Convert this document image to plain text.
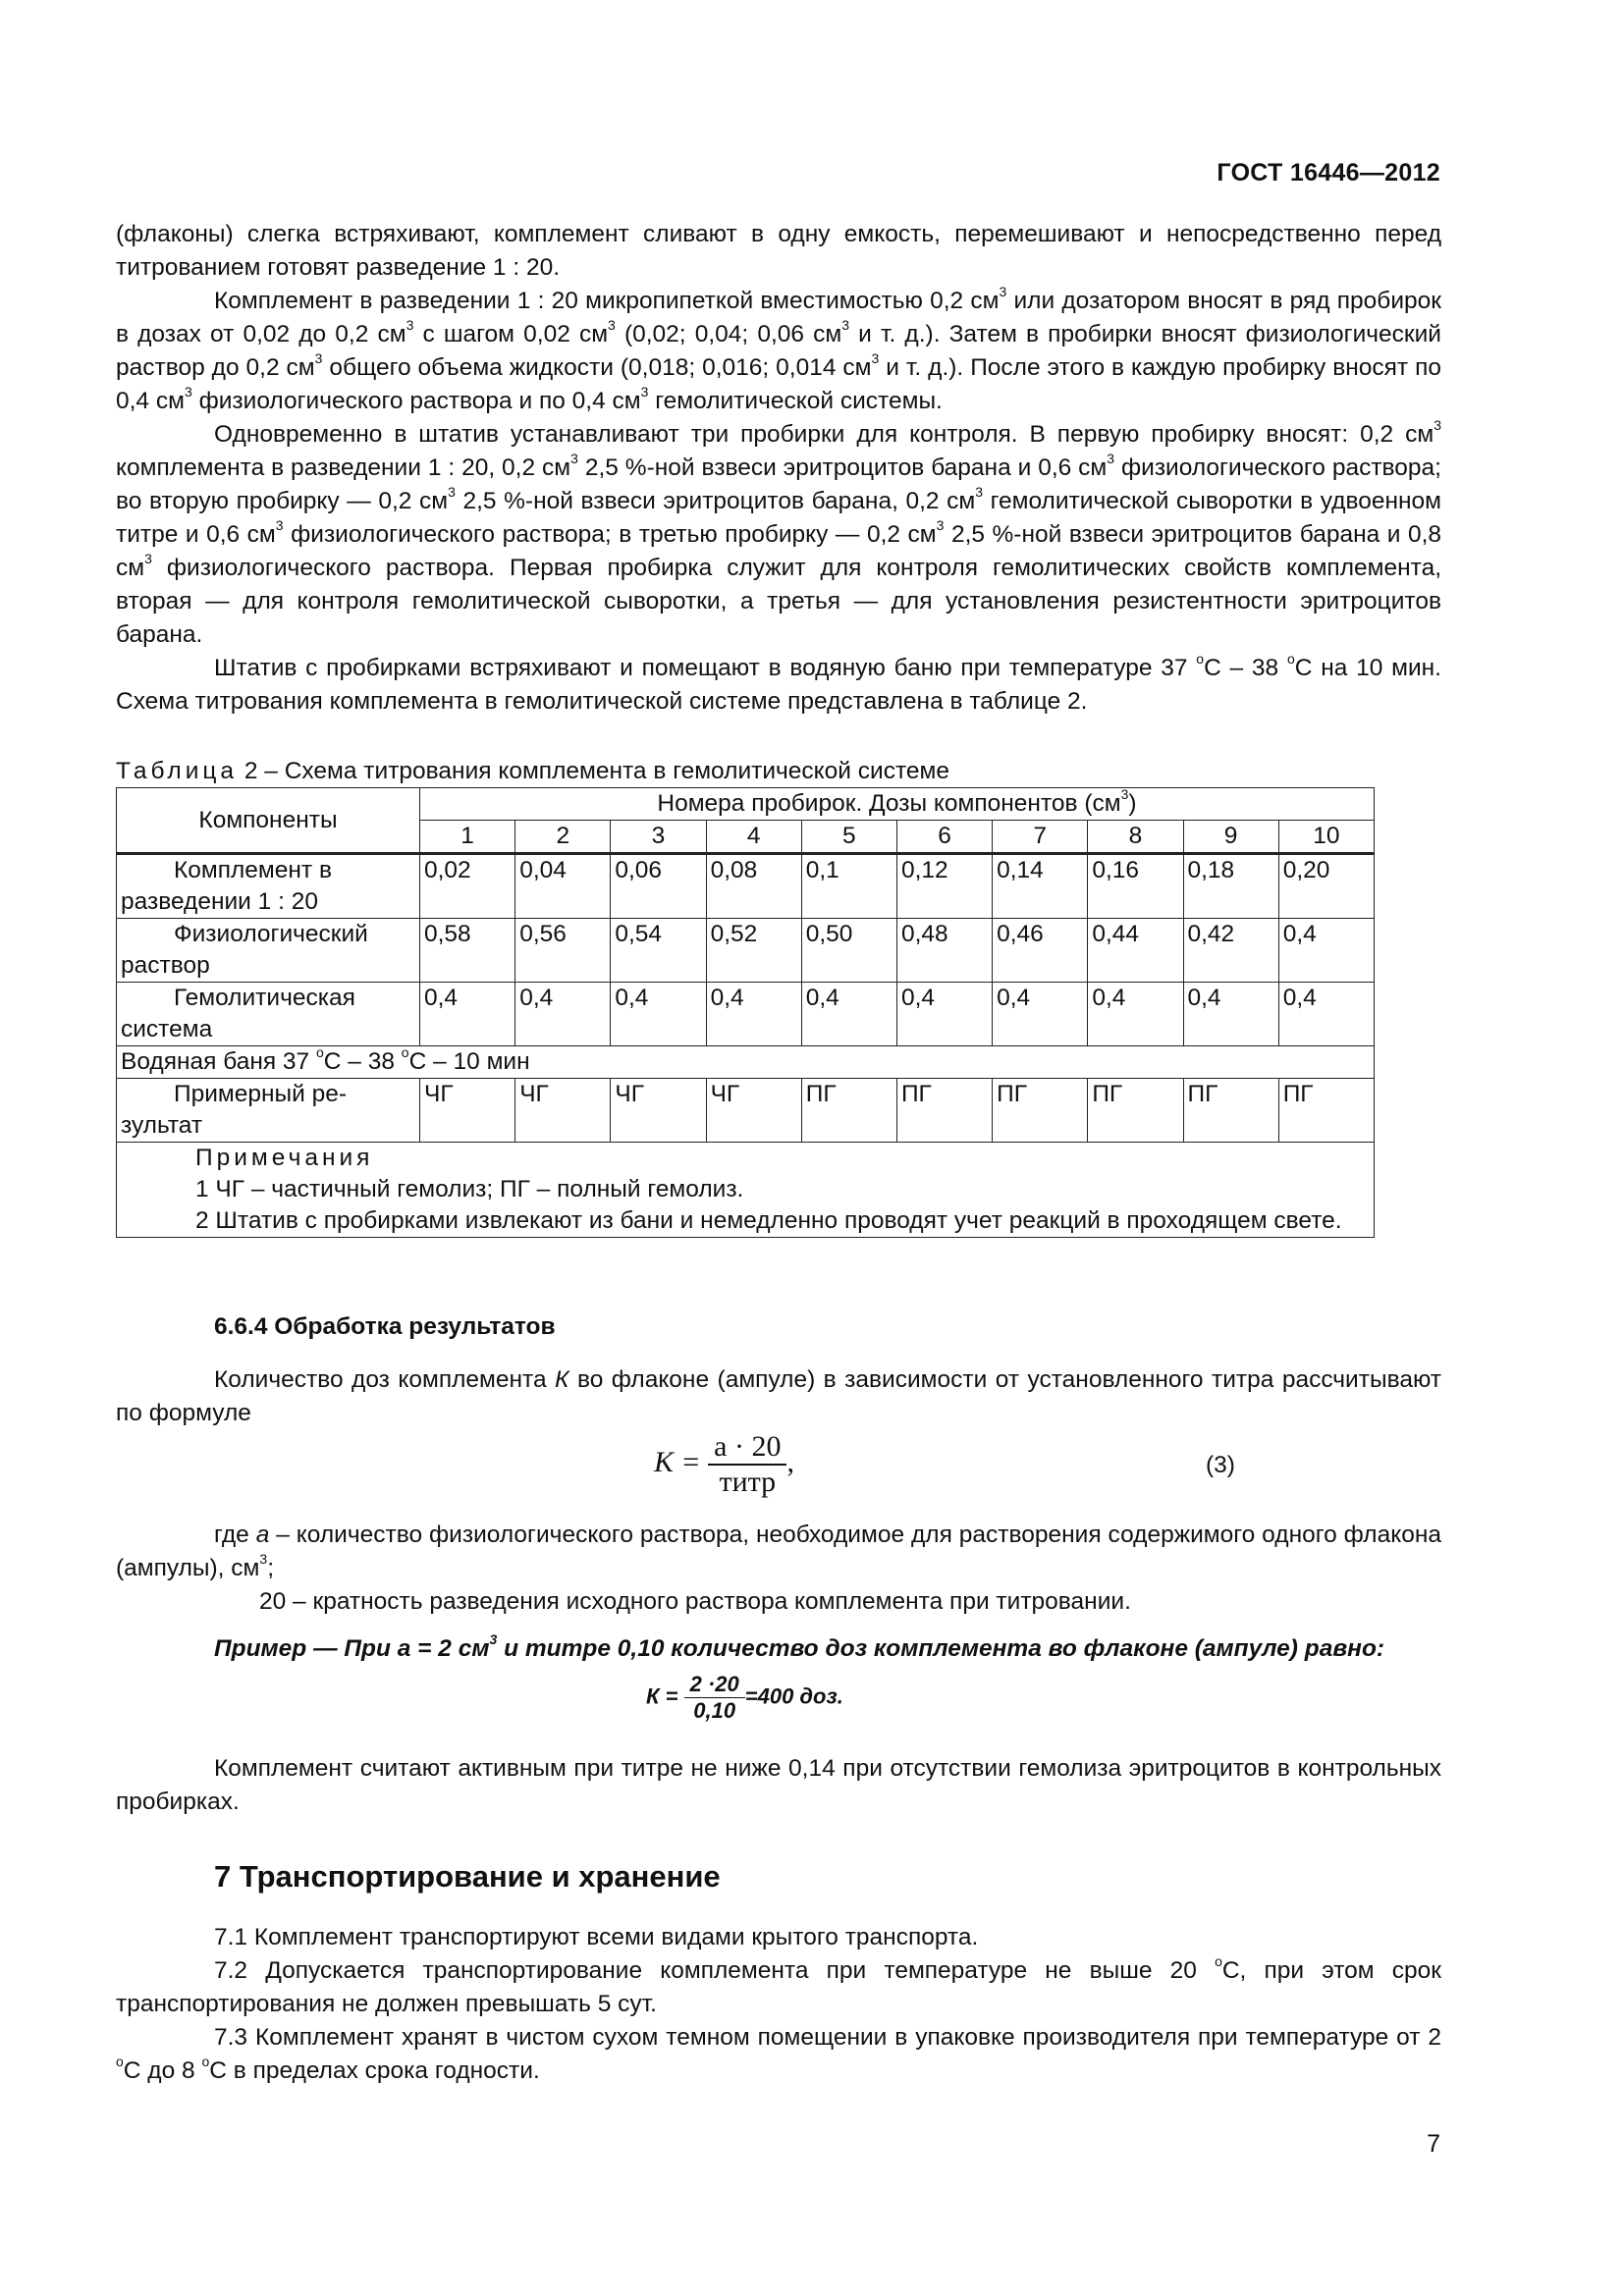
ГОСТ 16446—2012

(флаконы) слегка встряхивают, комплемент сливают в одну емкость, перемешивают и непосредственно перед титрованием готовят разведение 1 : 20.

Комплемент в разведении 1 : 20 микропипеткой вместимостью 0,2 $см^3$ или дозатором вносят в ряд пробирок в дозах от 0,02 до 0,2 $см^3$ с шагом 0,02 $см^3$ (0,02; 0,04; 0,06 $см^3$ и т. д.). Затем в пробирки вносят физиологический раствор до 0,2 $см^3$ общего объема жидкости (0,018; 0,016; 0,014 $см^3$ и т. д.). После этого в каждую пробирку вносят по 0,4 $см^3$ физиологического раствора и по 0,4 $см^3$ гемолитической системы.

Одновременно в штатив устанавливают три пробирки для контроля. В первую пробирку вносят: 0,2 $см^3$ комплемента в разведении 1 : 20, 0,2 $см^3$ 2,5 %-ной взвеси эритроцитов барана и 0,6 $см^3$ физиологического раствора; во вторую пробирку — 0,2 $см^3$ 2,5 %-ной взвеси эритроцитов барана, 0,2 $см^3$ гемолитической сыворотки в удвоенном титре и 0,6 $см^3$ физиологического раствора; в третью пробирку — 0,2 $см^3$ 2,5 %-ной взвеси эритроцитов барана и 0,8 $см^3$ физиологического раствора. Первая пробирка служит для контроля гемолитических свойств комплемента, вторая — для контроля гемолитической сыворотки, а третья — для установления резистентности эритроцитов барана.

Штатив с пробирками встряхивают и помещают в водяную баню при температуре 37 $^o$С – 38 $^o$С на 10 мин. Схема титрования комплемента в гемолитической системе представлена в таблице 2.

Таблица 2 – Схема титрования комплемента в гемолитической системе
Компоненты	Номера пробирок. Дозы компонентов $(см^3)$									
	1	2	3	4	5	6	7	8	9	10

Комплемент в
разведении 1 : 20	0,02	0,04	0,06	0,08	0,1	0,12	0,14	0,16	0,18	0,20

Физиологический
раствор	0,58	0,56	0,54	0,52	0,50	0,48	0,46	0,44	0,42	0,4

Гемолитическая
система	0,4	0,4	0,4	0,4	0,4	0,4	0,4	0,4	0,4	0,4
Водяная баня 37 $^o$С – 38 $^o$С – 10 мин										

Примерный ре-
зультат	ЧГ	ЧГ	ЧГ	ЧГ	ПГ	ПГ	ПГ	ПГ	ПГ	ПГ

Примечания
1 ЧГ – частичный гемолиз; ПГ – полный гемолиз.
2 Штатив с пробирками извлекают из бани и немедленно проводят учет реакций в проходящем свете.										

6.6.4 Обработка результатов

Количество доз комплемента К во флаконе (ампуле) в зависимости от установленного титра рассчитывают по формуле

$К = \frac{a \cdot 20}{\text{титр}}$ ,	(3)

где a – количество физиологического раствора, необходимое для растворения содержимого одного флакона (ампулы), $см^3$;

20 – кратность разведения исходного раствора комплемента при титровании.

Пример — При а = 2 $см^3$ и титре 0,10 количество доз комплемента во флаконе (ампуле) равно:

$К = \frac{2 \cdot 20}{0,10} =400$ доз.

Комплемент считают активным при титре не ниже 0,14 при отсутствии гемолиза эритроцитов в контрольных пробирках.

7 Транспортирование и хранение

7.1 Комплемент транспортируют всеми видами крытого транспорта.

7.2 Допускается транспортирование комплемента при температуре не выше 20 $^o$С, при этом срок транспортирования не должен превышать 5 сут.

7.3 Комплемент хранят в чистом сухом темном помещении в упаковке производителя при температуре от 2 $^o$С до 8 $^o$С в пределах срока годности.

7
